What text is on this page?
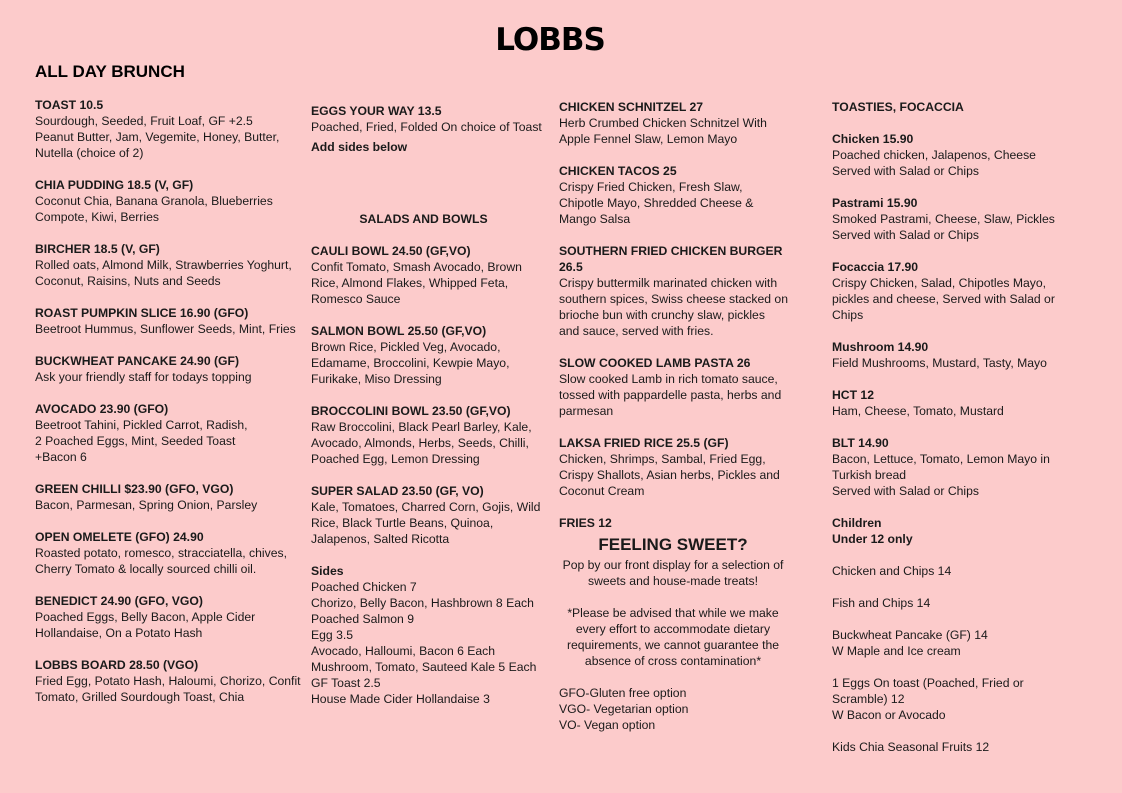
LOBBS
ALL DAY BRUNCH
TOAST 10.5
Sourdough, Seeded, Fruit Loaf, GF +2.5
Peanut Butter, Jam, Vegemite, Honey, Butter,
Nutella (choice of 2)
CHIA PUDDING 18.5 (V, GF)
Coconut Chia, Banana Granola, Blueberries
Compote, Kiwi, Berries
BIRCHER 18.5 (V, GF)
Rolled oats, Almond Milk, Strawberries Yoghurt,
Coconut, Raisins, Nuts and Seeds
ROAST PUMPKIN SLICE 16.90 (GFO)
Beetroot Hummus, Sunflower Seeds, Mint, Fries
BUCKWHEAT PANCAKE 24.90 (GF)
Ask your friendly staff for todays topping
AVOCADO 23.90 (GFO)
Beetroot Tahini, Pickled Carrot, Radish,
2 Poached Eggs, Mint, Seeded Toast
+Bacon 6
GREEN CHILLI $23.90 (GFO, VGO)
Bacon, Parmesan, Spring Onion, Parsley
OPEN OMELETE (GFO) 24.90
Roasted potato, romesco, stracciatella, chives,
Cherry Tomato & locally sourced chilli oil.
BENEDICT 24.90 (GFO, VGO)
Poached Eggs, Belly Bacon, Apple Cider
Hollandaise, On a Potato Hash
LOBBS BOARD 28.50 (VGO)
Fried Egg, Potato Hash, Haloumi, Chorizo, Confit
Tomato, Grilled Sourdough Toast, Chia
EGGS YOUR WAY 13.5
Poached, Fried, Folded On choice of Toast
Add sides below
SALADS AND BOWLS
CAULI BOWL 24.50 (GF,VO)
Confit Tomato, Smash Avocado, Brown
Rice, Almond Flakes, Whipped Feta,
Romesco Sauce
SALMON BOWL 25.50 (GF,VO)
Brown Rice, Pickled Veg, Avocado,
Edamame, Broccolini, Kewpie Mayo,
Furikake, Miso Dressing
BROCCOLINI BOWL 23.50 (GF,VO)
Raw Broccolini, Black Pearl Barley, Kale,
Avocado, Almonds, Herbs, Seeds, Chilli,
Poached Egg, Lemon Dressing
SUPER SALAD 23.50 (GF, VO)
Kale, Tomatoes, Charred Corn, Gojis, Wild
Rice, Black Turtle Beans, Quinoa,
Jalapenos, Salted Ricotta
Sides
Poached Chicken 7
Chorizo, Belly Bacon, Hashbrown 8 Each
Poached Salmon 9
Egg 3.5
Avocado, Halloumi, Bacon 6 Each
Mushroom, Tomato, Sauteed Kale 5 Each
GF Toast 2.5
House Made Cider Hollandaise 3
CHICKEN SCHNITZEL 27
Herb Crumbed Chicken Schnitzel With
Apple Fennel Slaw, Lemon Mayo
CHICKEN TACOS 25
Crispy Fried Chicken, Fresh Slaw,
Chipotle Mayo, Shredded Cheese &
Mango Salsa
SOUTHERN FRIED CHICKEN BURGER
26.5
Crispy buttermilk marinated chicken with
southern spices, Swiss cheese stacked on
brioche bun with crunchy slaw, pickles
and sauce, served with fries.
SLOW COOKED LAMB PASTA 26
Slow cooked Lamb in rich tomato sauce,
tossed with pappardelle pasta, herbs and
parmesan
LAKSA FRIED RICE 25.5 (GF)
Chicken, Shrimps, Sambal, Fried Egg,
Crispy Shallots, Asian herbs, Pickles and
Coconut Cream
FRIES 12
FEELING SWEET?
Pop by our front display for a selection of
sweets and house-made treats!
*Please be advised that while we make
every effort to accommodate dietary
requirements, we cannot guarantee the
absence of cross contamination*
GFO-Gluten free option
VGO- Vegetarian option
VO- Vegan option
TOASTIES, FOCACCIA
Chicken 15.90
Poached chicken, Jalapenos, Cheese
Served with Salad or Chips
Pastrami 15.90
Smoked Pastrami, Cheese, Slaw, Pickles
Served with Salad or Chips
Focaccia 17.90
Crispy Chicken, Salad, Chipotles Mayo,
pickles and cheese, Served with Salad or
Chips
Mushroom 14.90
Field Mushrooms, Mustard, Tasty, Mayo
HCT 12
Ham, Cheese, Tomato, Mustard
BLT 14.90
Bacon, Lettuce, Tomato, Lemon Mayo in
Turkish bread
Served with Salad or Chips
Children
Under 12 only
Chicken and Chips 14
Fish and Chips 14
Buckwheat Pancake (GF) 14
W Maple and Ice cream
1 Eggs On toast (Poached, Fried or
Scramble) 12
W Bacon or Avocado
Kids Chia Seasonal Fruits 12
